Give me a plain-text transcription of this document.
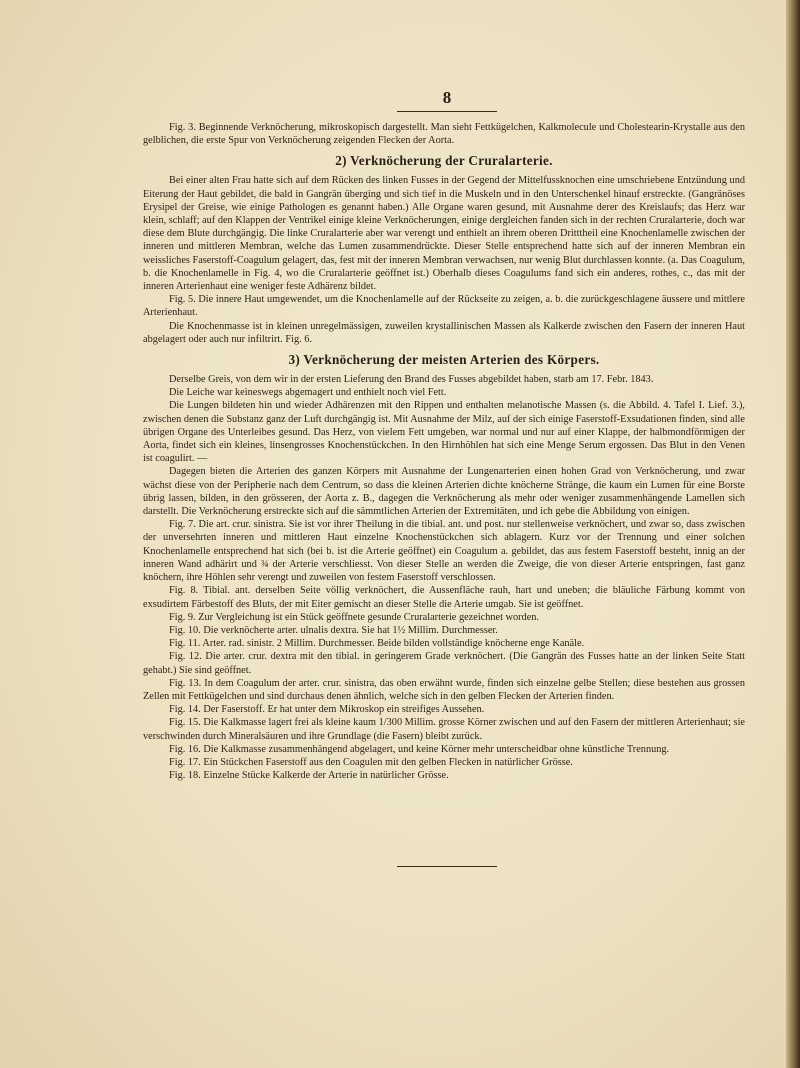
8

Fig. 3. Beginnende Verknöcherung, mikroskopisch dargestellt. Man sieht Fettkügelchen, Kalkmolecule und Cholestearin-Krystalle aus den gelblichen, die erste Spur von Verknöcherung zeigenden Flecken der Aorta.

2) Verknöcherung der Cruralarterie.

Bei einer alten Frau hatte sich auf dem Rücken des linken Fusses in der Gegend der Mittelfussknochen eine umschriebene Entzündung und Eiterung der Haut gebildet, die bald in Gangrän überging und sich tief in die Muskeln und in den Unterschenkel hinauf erstreckte. (Gangränöses Erysipel der Greise, wie einige Pathologen es genannt haben.) Alle Organe waren gesund, mit Ausnahme derer des Kreislaufs; das Herz war klein, schlaff; auf den Klappen der Ventrikel einige kleine Verknöcherungen, einige dergleichen fanden sich in der rechten Cruralarterie, doch war diese dem Blute durchgängig. Die linke Cruralarterie aber war verengt und enthielt an ihrem oberen Dritttheil eine Knochenlamelle zwischen der inneren und mittleren Membran, welche das Lumen zusammendrückte. Dieser Stelle entsprechend hatte sich auf der inneren Membran ein weissliches Faserstoff-Coagulum gelagert, das, fest mit der inneren Membran verwachsen, nur wenig Blut durchlassen konnte. (a. Das Coagulum, b. die Knochenlamelle in Fig. 4, wo die Cruralarterie geöffnet ist.) Oberhalb dieses Coagulums fand sich ein anderes, rothes, c., das mit der inneren Arterienhaut eine weniger feste Adhärenz bildet.

Fig. 5. Die innere Haut umgewendet, um die Knochenlamelle auf der Rückseite zu zeigen, a. b. die zurückgeschlagene äussere und mittlere Arterienhaut.

Die Knochenmasse ist in kleinen unregelmässigen, zuweilen krystallinischen Massen als Kalkerde zwischen den Fasern der inneren Haut abgelagert oder auch nur infiltrirt. Fig. 6.

3) Verknöcherung der meisten Arterien des Körpers.

Derselbe Greis, von dem wir in der ersten Lieferung den Brand des Fusses abgebildet haben, starb am 17. Febr. 1843.

Die Leiche war keineswegs abgemagert und enthielt noch viel Fett.

Die Lungen bildeten hin und wieder Adhärenzen mit den Rippen und enthalten melanotische Massen (s. die Abbild. 4. Tafel I. Lief. 3.), zwischen denen die Substanz ganz der Luft durchgängig ist. Mit Ausnahme der Milz, auf der sich einige Faserstoff-Exsudationen finden, sind alle übrigen Organe des Unterleibes gesund. Das Herz, von vielem Fett umgeben, war normal und nur auf einer Klappe, der halbmondförmigen der Aorta, findet sich ein kleines, linsengrosses Knochenstückchen. In den Hirnhöhlen hat sich eine Menge Serum ergossen. Das Blut in den Venen ist coagulirt. —

Dagegen bieten die Arterien des ganzen Körpers mit Ausnahme der Lungenarterien einen hohen Grad von Verknöcherung, und zwar wächst diese von der Peripherie nach dem Centrum, so dass die kleinen Arterien dichte knöcherne Stränge, die kaum ein Lumen für eine Borste übrig lassen, bilden, in den grösseren, der Aorta z. B., dagegen die Verknöcherung als mehr oder weniger zusammenhängende Lamellen sich darstellt. Die Verknöcherung erstreckte sich auf die sämmtlichen Arterien der Extremitäten, und ich gebe die Abbildung von einigen.

Fig. 7. Die art. crur. sinistra. Sie ist vor ihrer Theilung in die tibial. ant. und post. nur stellenweise verknöchert, und zwar so, dass zwischen der unversehrten inneren und mittleren Haut einzelne Knochenstückchen sich ablagern. Kurz vor der Trennung und einer solchen Knochenlamelle entsprechend hat sich (bei b. ist die Arterie geöffnet) ein Coagulum a. gebildet, das aus festem Faserstoff besteht, innig an der inneren Wand adhärirt und ¾ der Arterie verschliesst. Von dieser Stelle an werden die Zweige, die von dieser Arterie entspringen, fast ganz knöchern, ihre Höhlen sehr verengt und zuweilen von festem Faserstoff verschlossen.

Fig. 8. Tibial. ant. derselben Seite völlig verknöchert, die Aussenfläche rauh, hart und uneben; die bläuliche Färbung kommt von exsudirtem Färbestoff des Bluts, der mit Eiter gemischt an dieser Stelle die Arterie umgab. Sie ist geöffnet.

Fig. 9. Zur Vergleichung ist ein Stück geöffnete gesunde Cruralarterie gezeichnet worden.

Fig. 10. Die verknöcherte arter. ulnalis dextra. Sie hat 1½ Millim. Durchmesser.

Fig. 11. Arter. rad. sinistr. 2 Millim. Durchmesser. Beide bilden vollständige knöcherne enge Kanäle.

Fig. 12. Die arter. crur. dextra mit den tibial. in geringerem Grade verknöchert. (Die Gangrän des Fusses hatte an der linken Seite Statt gehabt.) Sie sind geöffnet.

Fig. 13. In dem Coagulum der arter. crur. sinistra, das oben erwähnt wurde, finden sich einzelne gelbe Stellen; diese bestehen aus grossen Zellen mit Fettkügelchen und sind durchaus denen ähnlich, welche sich in den gelben Flecken der Arterien finden.

Fig. 14. Der Faserstoff. Er hat unter dem Mikroskop ein streifiges Aussehen.

Fig. 15. Die Kalkmasse lagert frei als kleine kaum 1/300 Millim. grosse Körner zwischen und auf den Fasern der mittleren Arterienhaut; sie verschwinden durch Mineralsäuren und ihre Grundlage (die Fasern) bleibt zurück.

Fig. 16. Die Kalkmasse zusammenhängend abgelagert, und keine Körner mehr unterscheidbar ohne künstliche Trennung.

Fig. 17. Ein Stückchen Faserstoff aus den Coagulen mit den gelben Flecken in natürlicher Grösse.

Fig. 18. Einzelne Stücke Kalkerde der Arterie in natürlicher Grösse.
